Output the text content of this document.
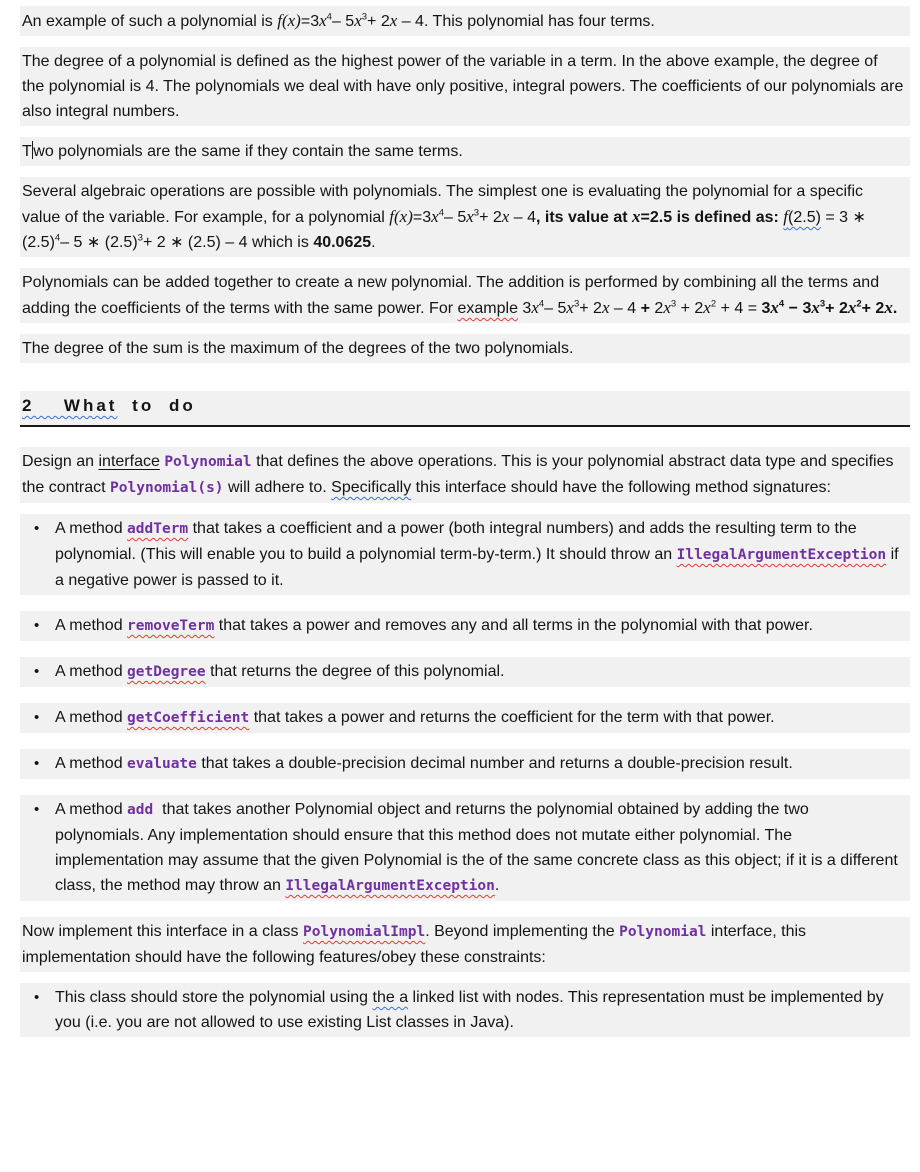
An example of such a polynomial is $f(x)=3x^4-$ $5x^3+ 2x - 4$. This polynomial has four terms.
The degree of a polynomial is defined as the highest power of the variable in a term. In the above example, the degree of the polynomial is 4. The polynomials we deal with have only positive, integral powers. The coefficients of our polynomials are also integral numbers.
Two polynomials are the same if they contain the same terms.
Several algebraic operations are possible with polynomials. The simplest one is evaluating the polynomial for a specific value of the variable. For example, for a polynomial $f(x)=3x^4-$ $5x^3+ 2x - 4$, its value at x=2.5 is defined as: f(2.5) = 3 ∗ $(2.5)^4-$ 5 ∗ $(2.5)^3+ 2$ ∗ (2.5) – 4 which is 40.0625.
Polynomials can be added together to create a new polynomial. The addition is performed by combining all the terms and adding the coefficients of the terms with the same power. For example $3x^4-$ $5x^3+ 2x - 4 + 2x^3 + 2x^2 + 4 = 3x^4 - 3x^3+ 2x^2+ 2x$.
The degree of the sum is the maximum of the degrees of the two polynomials.
2  What to do
Design an interface Polynomial that defines the above operations. This is your polynomial abstract data type and specifies the contract Polynomial(s) will adhere to. Specifically this interface should have the following method signatures:
• A method addTerm that takes a coefficient and a power (both integral numbers) and adds the resulting term to the polynomial. (This will enable you to build a polynomial term-by-term.) It should throw an IllegalArgumentException if a negative power is passed to it.
• A method removeTerm that takes a power and removes any and all terms in the polynomial with that power.
• A method getDegree that returns the degree of this polynomial.
• A method getCoefficient that takes a power and returns the coefficient for the term with that power.
• A method evaluate that takes a double-precision decimal number and returns a double-precision result.
• A method add  that takes another Polynomial object and returns the polynomial obtained by adding the two polynomials. Any implementation should ensure that this method does not mutate either polynomial. The implementation may assume that the given Polynomial is the of the same concrete class as this object; if it is a different class, the method may throw an IllegalArgumentException.
Now implement this interface in a class PolynomialImpl. Beyond implementing the Polynomial interface, this implementation should have the following features/obey these constraints:
• This class should store the polynomial using the a linked list with nodes. This representation must be implemented by you (i.e. you are not allowed to use existing List classes in Java).
